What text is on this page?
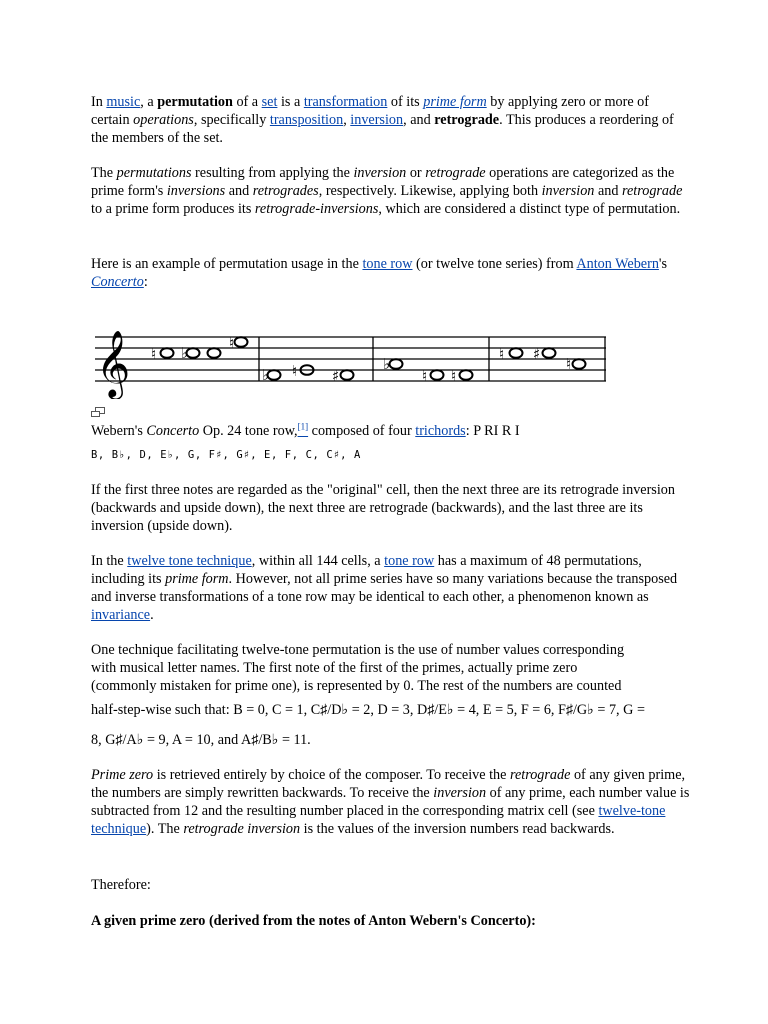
In music, a permutation of a set is a transformation of its prime form by applying zero or more of certain operations, specifically transposition, inversion, and retrograde. This produces a reordering of the members of the set.

The permutations resulting from applying the inversion or retrograde operations are categorized as the prime form's inversions and retrogrades, respectively. Likewise, applying both inversion and retrograde to a prime form produces its retrograde-inversions, which are considered a distinct type of permutation.

Here is an example of permutation usage in the tone row (or twelve tone series) from Anton Webern's Concerto:

𝄞 ♮ ♭
♮
♭ ♮ ♯
♭
♮ ♮
♮ ♯
♮

Webern's Concerto Op. 24 tone row,[1] composed of four trichords: P RI R I

B, B♭, D, E♭, G, F♯, G♯, E, F, C, C♯, A

If the first three notes are regarded as the "original" cell, then the next three are its retrograde inversion (backwards and upside down), the next three are retrograde (backwards), and the last three are its inversion (upside down).

In the twelve tone technique, within all 144 cells, a tone row has a maximum of 48 permutations, including its prime form. However, not all prime series have so many variations because the transposed and inverse transformations of a tone row may be identical to each other, a phenomenon known as invariance.

One technique facilitating twelve-tone permutation is the use of number values corresponding
with musical letter names. The first note of the first of the primes, actually prime zero
(commonly mistaken for prime one), is represented by 0. The rest of the numbers are counted
half-step-wise such that: B = 0, C = 1, C♯/D♭ = 2, D = 3, D♯/E♭ = 4, E = 5, F = 6, F♯/G♭ = 7, G =
8, G♯/A♭ = 9, A = 10, and A♯/B♭ = 11.

Prime zero is retrieved entirely by choice of the composer. To receive the retrograde of any given prime, the numbers are simply rewritten backwards. To receive the inversion of any prime, each number value is subtracted from 12 and the resulting number placed in the corresponding matrix cell (see twelve-tone technique). The retrograde inversion is the values of the inversion numbers read backwards.

Therefore:

A given prime zero (derived from the notes of Anton Webern's Concerto):
